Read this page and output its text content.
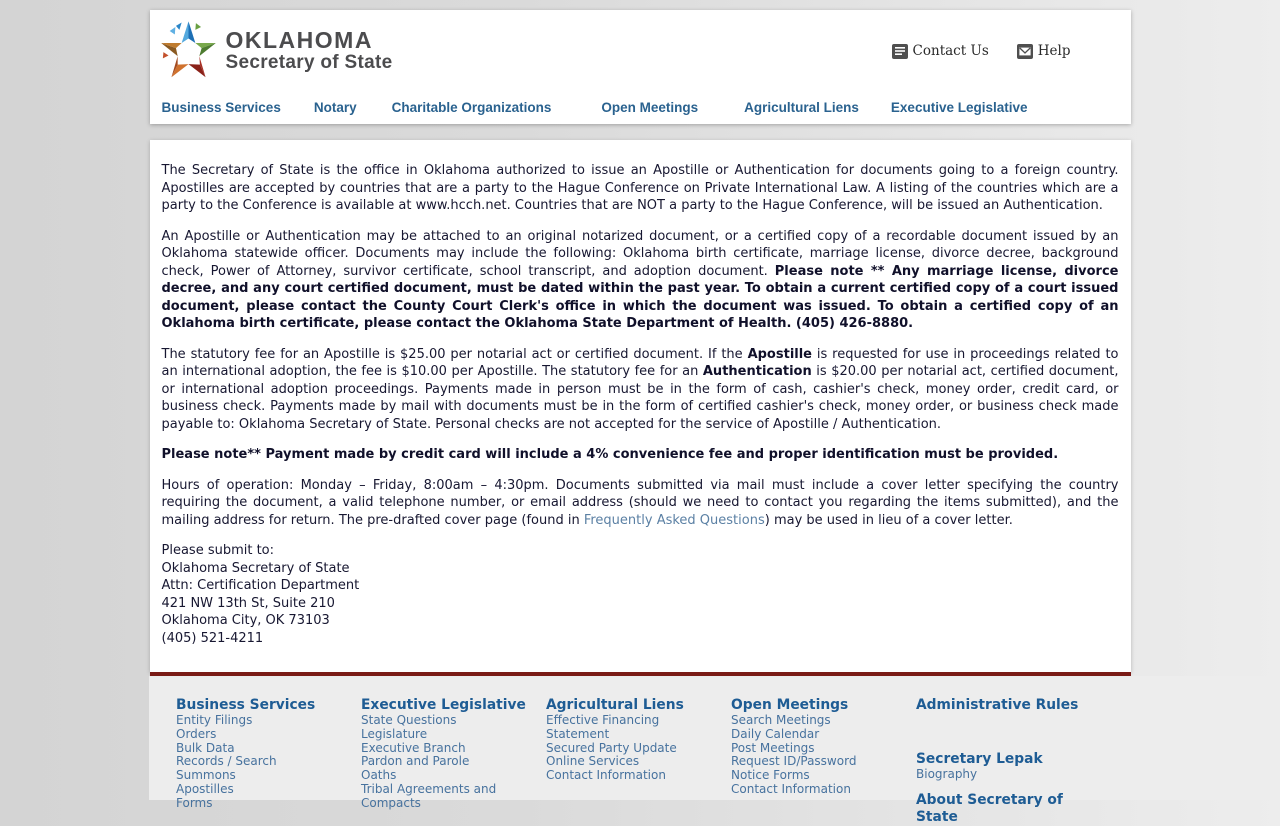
OKLAHOMA
Secretary of State
Contact Us	Help
Business Services Notary	Charitable Organizations	Open Meetings	Agricultural Liens Executive Legislative

The Secretary of State is the office in Oklahoma authorized to issue an Apostille or Authentication for documents going to a foreign country. Apostilles are accepted by countries that are a party to the Hague Conference on Private International Law. A listing of the countries which are a party to the Conference is available at www.hcch.net. Countries that are NOT a party to the Hague Conference, will be issued an Authentication.

An Apostille or Authentication may be attached to an original notarized document, or a certified copy of a recordable document issued by an Oklahoma statewide officer. Documents may include the following: Oklahoma birth certificate, marriage license, divorce decree, background check, Power of Attorney, survivor certificate, school transcript, and adoption document. Please note ** Any marriage license, divorce decree, and any court certified document, must be dated within the past year. To obtain a current certified copy of a court issued document, please contact the County Court Clerk's office in which the document was issued. To obtain a certified copy of an Oklahoma birth certificate, please contact the Oklahoma State Department of Health. (405) 426-8880.

The statutory fee for an Apostille is $25.00 per notarial act or certified document. If the Apostille is requested for use in proceedings related to an international adoption, the fee is $10.00 per Apostille. The statutory fee for an Authentication is $20.00 per notarial act, certified document, or international adoption proceedings. Payments made in person must be in the form of cash, cashier's check, money order, credit card, or business check. Payments made by mail with documents must be in the form of certified cashier's check, money order, or business check made payable to: Oklahoma Secretary of State. Personal checks are not accepted for the service of Apostille / Authentication.

Please note** Payment made by credit card will include a 4% convenience fee and proper identification must be provided.

Hours of operation: Monday – Friday, 8:00am – 4:30pm. Documents submitted via mail must include a cover letter specifying the country requiring the document, a valid telephone number, or email address (should we need to contact you regarding the items submitted), and the mailing address for return. The pre-drafted cover page (found in Frequently Asked Questions) may be used in lieu of a cover letter.

Please submit to:
Oklahoma Secretary of State
Attn: Certification Department
421 NW 13th St, Suite 210
Oklahoma City, OK 73103
(405) 521-4211
Business Services
Entity Filings
Orders
Bulk Data
Records / Search
Summons
Apostilles
Forms
Executive Legislative
State Questions
Legislature
Executive Branch
Pardon and Parole
Oaths
Tribal Agreements and Compacts
Agricultural Liens
Effective Financing Statement
Secured Party Update
Online Services
Contact Information
Open Meetings
Search Meetings
Daily Calendar
Post Meetings
Request ID/Password
Notice Forms
Contact Information
Administrative Rules
Secretary Lepak
Biography
About Secretary of State
